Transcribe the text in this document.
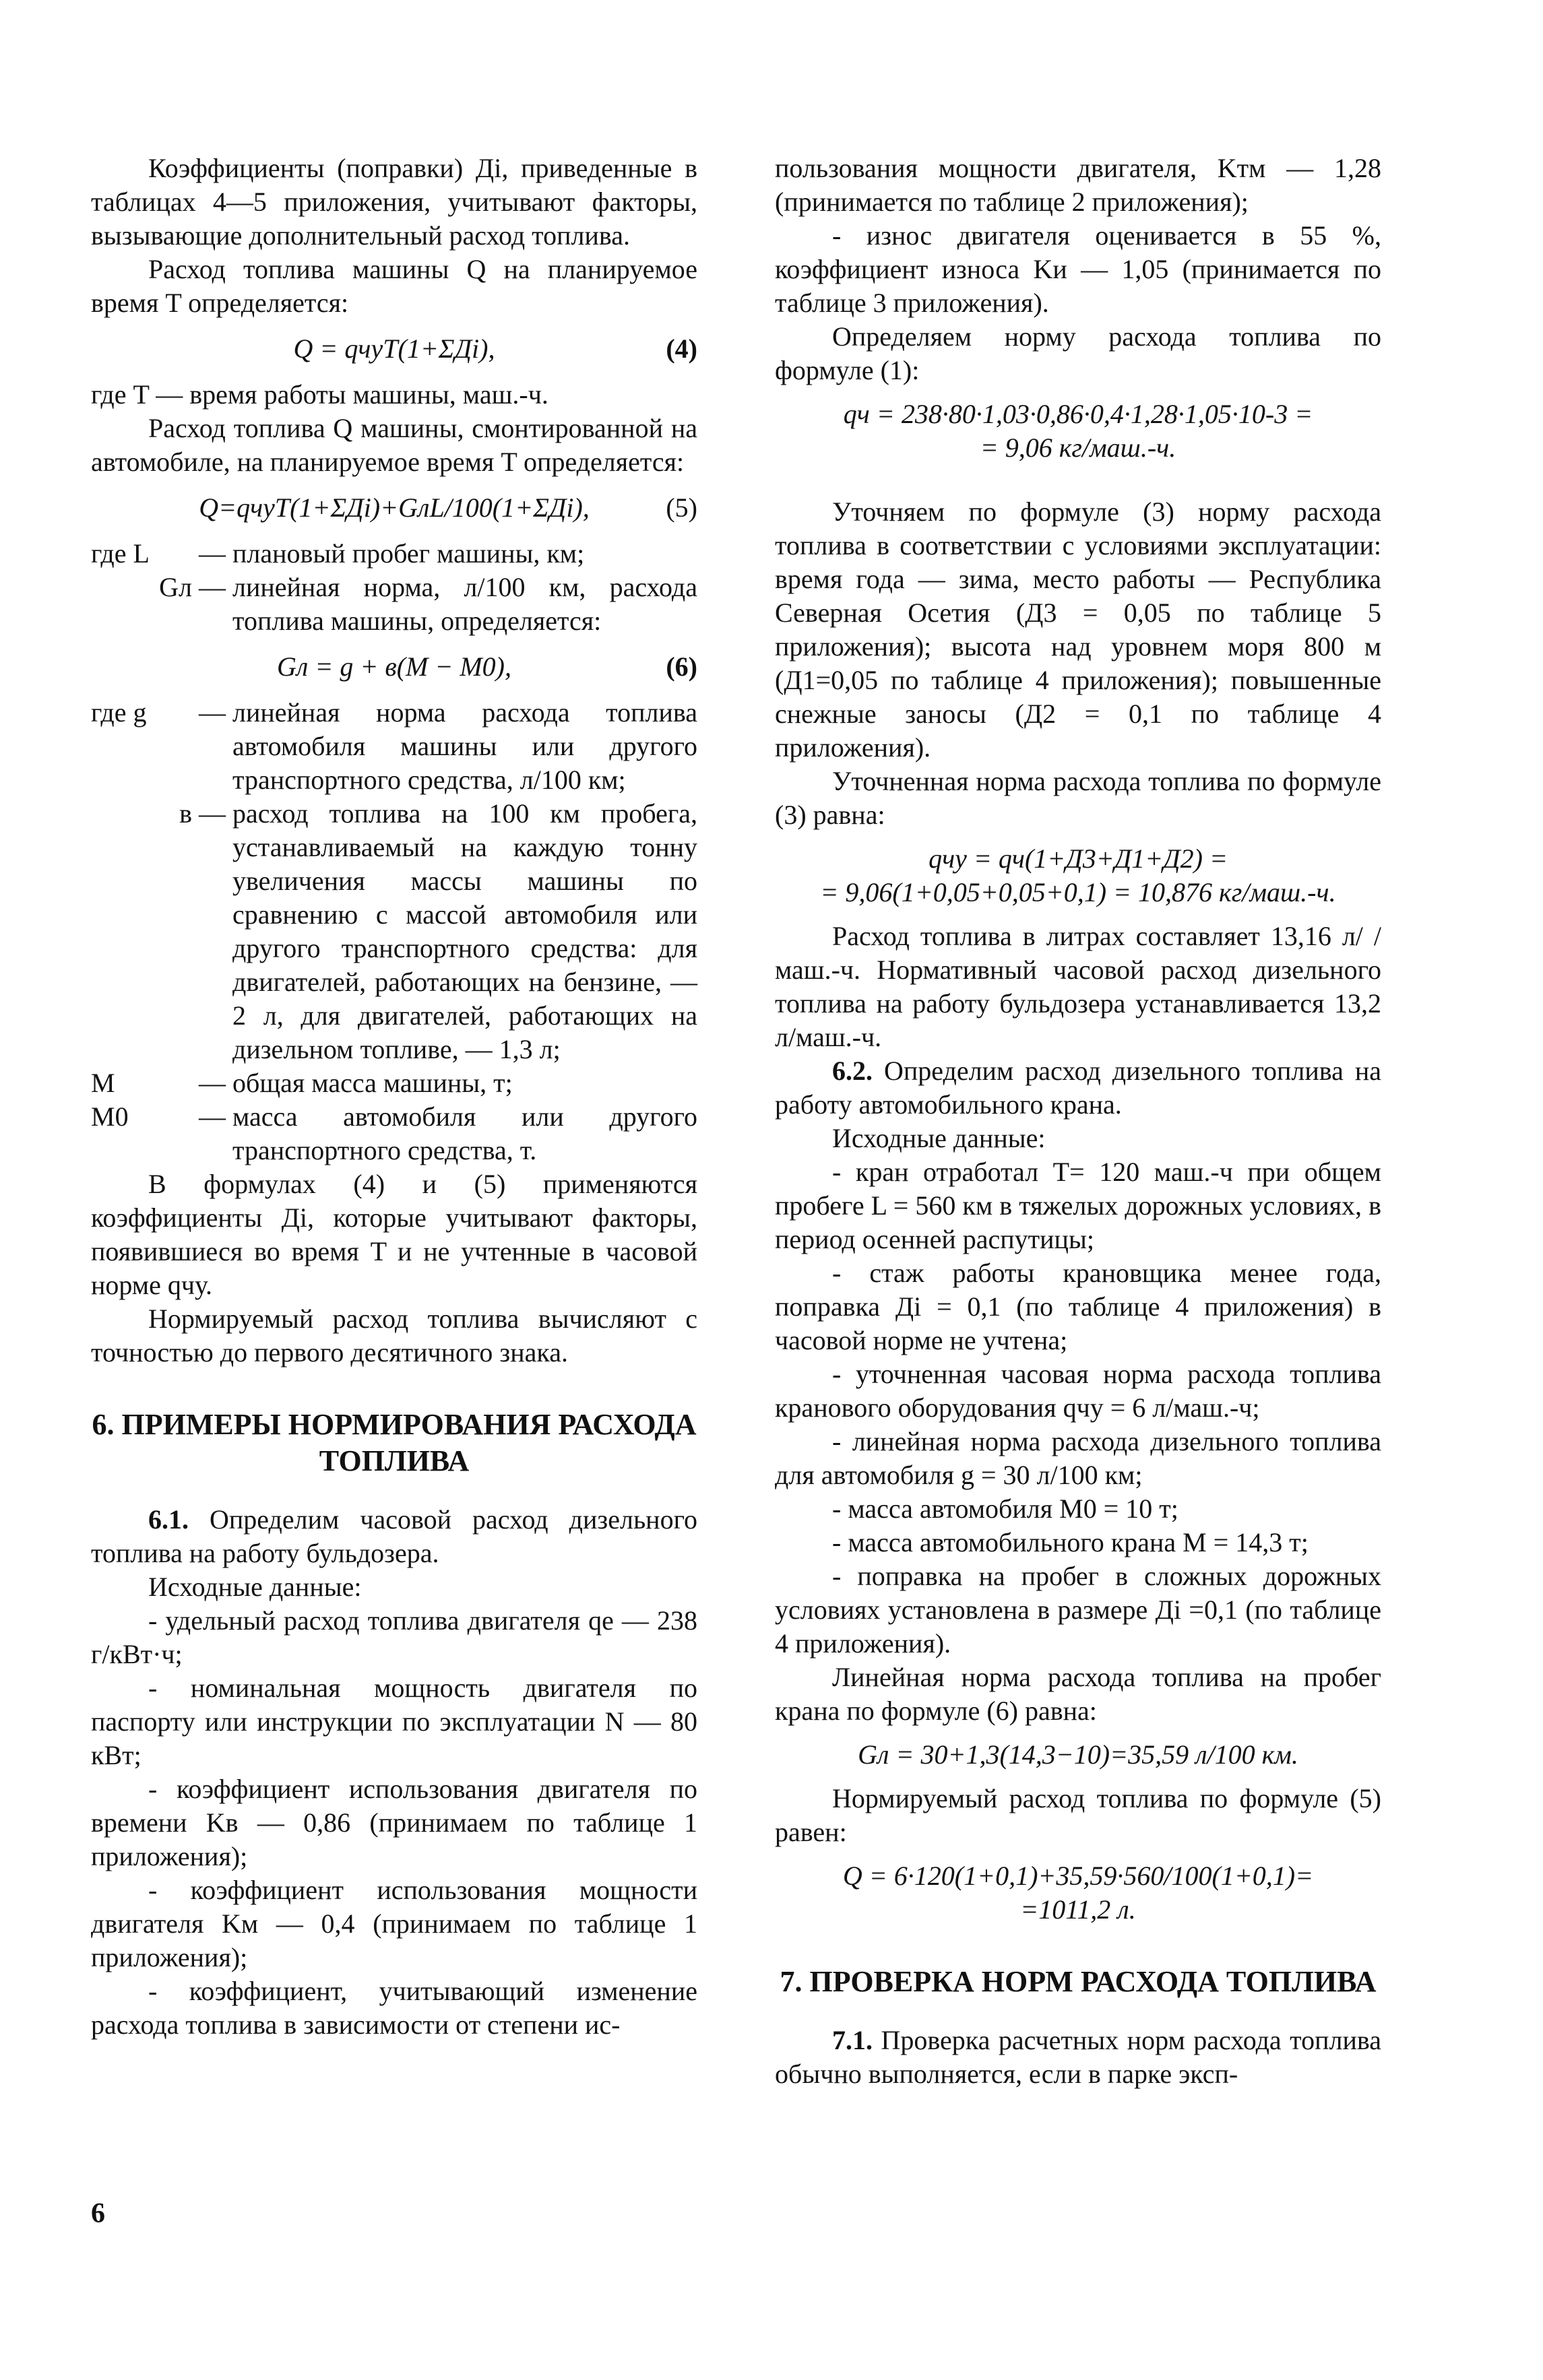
Коэффициенты (поправки) Дi, приведенные в таблицах 4—5 приложения, учитывают факторы, вызывающие дополнительный расход топлива.

Расход топлива машины Q на планируемое время T определяется:

Q = qчуT(1+ΣДi),	(4)

где T — время работы машины, маш.-ч.

Расход топлива Q машины, смонтированной на автомобиле, на планируемое время T определяется:

Q=qчуT(1+ΣДi)+GлL/100(1+ΣДi),	(5)
где L	— плановый пробег машины, км;
Gл — линейная норма, л/100 км, расхода топлива машины, определяется:
Gл = g + в(М − М0),	(6)
где g	— линейная норма расхода топлива автомобиля машины или другого транспортного средства, л/100 км;
в — расход топлива на 100 км пробега, устанавливаемый на каждую тонну увеличения массы машины по сравнению с массой автомобиля или другого транспортного средства: для двигателей, работающих на бензине, — 2 л, для двигателей, работающих на дизельном топливе, — 1,3 л;
М	— общая масса машины, т;
М0	— масса автомобиля или другого транспортного средства, т.

В формулах (4) и (5) применяются коэффициенты Дi, которые учитывают факторы, появившиеся во время T и не учтенные в часовой норме qчу.

Нормируемый расход топлива вычисляют с точностью до первого десятичного знака.

6. ПРИМЕРЫ НОРМИРОВАНИЯ РАСХОДА ТОПЛИВА

6.1. Определим часовой расход дизельного топлива на работу бульдозера.

Исходные данные:

- удельный расход топлива двигателя qe — 238 г/кВт·ч;

- номинальная мощность двигателя по паспорту или инструкции по эксплуатации N — 80 кВт;

- коэффициент использования двигателя по времени Kв — 0,86 (принимаем по таблице 1 приложения);

- коэффициент использования мощности двигателя Kм — 0,4 (принимаем по таблице 1 приложения);

- коэффициент, учитывающий изменение расхода топлива в зависимости от степени ис-

пользования мощности двигателя, Kтм — 1,28 (принимается по таблице 2 приложения);

- износ двигателя оценивается в 55 %, коэффициент износа Kи — 1,05 (принимается по таблице 3 приложения).

Определяем норму расхода топлива по формуле (1):

qч = 238·80·1,03·0,86·0,4·1,28·1,05·10-3 =
= 9,06 кг/маш.-ч.

Уточняем по формуле (3) норму расхода топлива в соответствии с условиями эксплуатации: время года — зима, место работы — Республика Северная Осетия (Д3 = 0,05 по таблице 5 приложения); высота над уровнем моря 800 м (Д1=0,05 по таблице 4 приложения); повышенные снежные заносы (Д2 = 0,1 по таблице 4 приложения).

Уточненная норма расхода топлива по формуле (3) равна:

qчу = qч(1+Д3+Д1+Д2) =
= 9,06(1+0,05+0,05+0,1) = 10,876 кг/маш.-ч.

Расход топлива в литрах составляет 13,16 л/ /маш.-ч. Нормативный часовой расход дизельного топлива на работу бульдозера устанавливается 13,2 л/маш.-ч.

6.2. Определим расход дизельного топлива на работу автомобильного крана.

Исходные данные:

- кран отработал T= 120 маш.-ч при общем пробеге L = 560 км в тяжелых дорожных условиях, в период осенней распутицы;

- стаж работы крановщика менее года, поправка Дi = 0,1 (по таблице 4 приложения) в часовой норме не учтена;

- уточненная часовая норма расхода топлива кранового оборудования qчу = 6 л/маш.-ч;

- линейная норма расхода дизельного топлива для автомобиля g = 30 л/100 км;

- масса автомобиля М0 = 10 т;

- масса автомобильного крана М = 14,3 т;

- поправка на пробег в сложных дорожных условиях установлена в размере Дi =0,1 (по таблице 4 приложения).

Линейная норма расхода топлива на пробег крана по формуле (6) равна:

Gл = 30+1,3(14,3−10)=35,59 л/100 км.

Нормируемый расход топлива по формуле (5) равен:

Q = 6·120(1+0,1)+35,59·560/100(1+0,1)=
=1011,2 л.
7. ПРОВЕРКА НОРМ РАСХОДА ТОПЛИВА

7.1. Проверка расчетных норм расхода топлива обычно выполняется, если в парке эксп-

6
